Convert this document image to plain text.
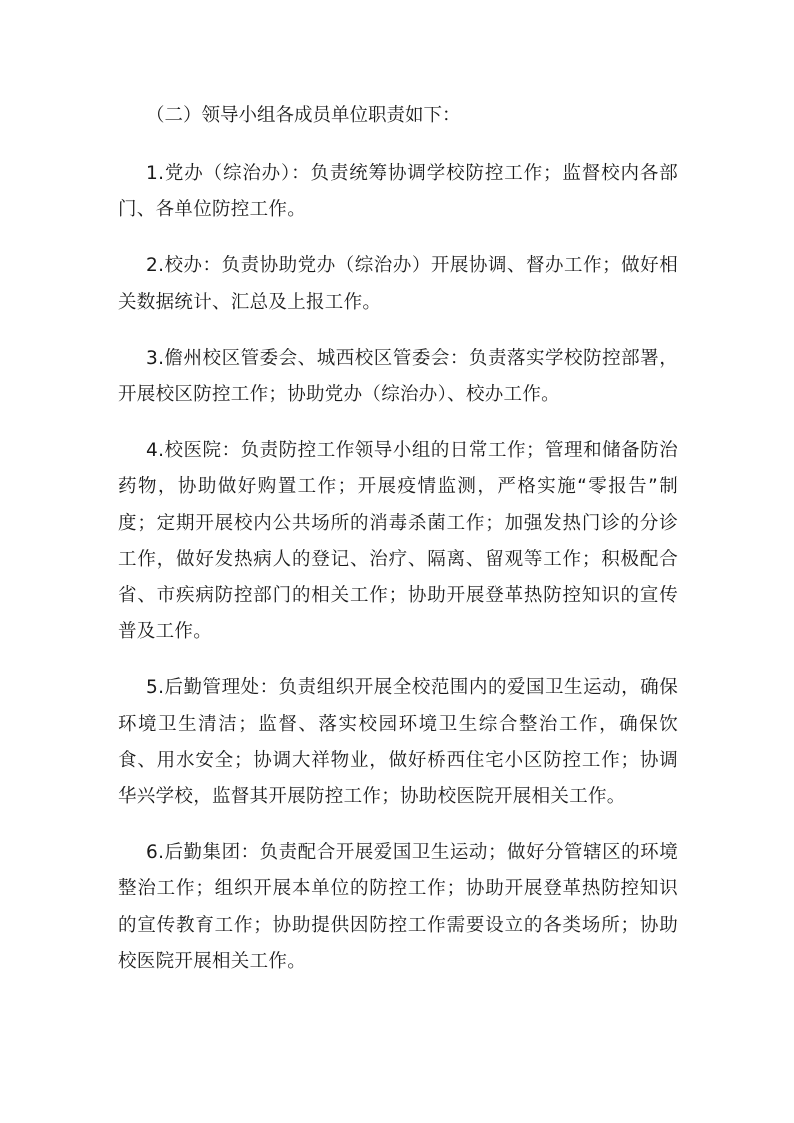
（二）领导小组各成员单位职责如下：

1.党办（综治办）：负责统筹协调学校防控工作；监督校内各部门、各单位防控工作。

2.校办：负责协助党办（综治办）开展协调、督办工作；做好相关数据统计、汇总及上报工作。

3.儋州校区管委会、城西校区管委会：负责落实学校防控部署，开展校区防控工作；协助党办（综治办）、校办工作。

4.校医院：负责防控工作领导小组的日常工作；管理和储备防治药物，协助做好购置工作；开展疫情监测，严格实施“零报告”制度；定期开展校内公共场所的消毒杀菌工作；加强发热门诊的分诊工作，做好发热病人的登记、治疗、隔离、留观等工作；积极配合省、市疾病防控部门的相关工作；协助开展登革热防控知识的宣传普及工作。

5.后勤管理处：负责组织开展全校范围内的爱国卫生运动，确保环境卫生清洁；监督、落实校园环境卫生综合整治工作，确保饮食、用水安全；协调大祥物业，做好桥西住宅小区防控工作；协调华兴学校，监督其开展防控工作；协助校医院开展相关工作。

6.后勤集团：负责配合开展爱国卫生运动；做好分管辖区的环境整治工作；组织开展本单位的防控工作；协助开展登革热防控知识的宣传教育工作；协助提供因防控工作需要设立的各类场所；协助校医院开展相关工作。
